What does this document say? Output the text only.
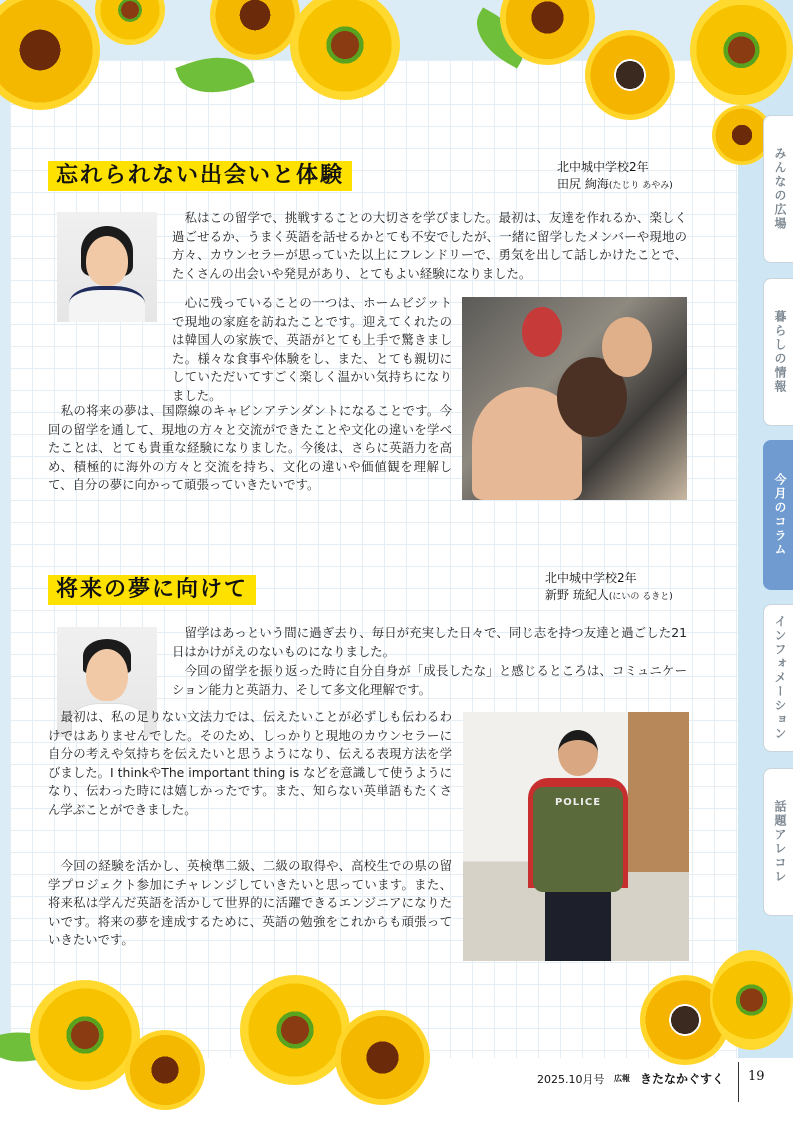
みんなの広場
暮らしの情報
今月のコラム
インフォメーション
話題アレコレ
忘れられない出会いと体験	北中城中学校2年
田尻 絢海(たじり あやみ)

　私はこの留学で、挑戦することの大切さを学びました。最初は、友達を作れるか、楽しく過ごせるか、うまく英語を話せるかとても不安でしたが、一緒に留学したメンバーや現地の方々、カウンセラーが思っていた以上にフレンドリーで、勇気を出して話しかけたことで、たくさんの出会いや発見があり、とてもよい経験になりました。

　心に残っていることの一つは、ホームビジットで現地の家庭を訪ねたことです。迎えてくれたのは韓国人の家族で、英語がとても上手で驚きました。様々な食事や体験をし、また、とても親切にしていただいてすごく楽しく温かい気持ちになりました。

　私の将来の夢は、国際線のキャビンアテンダントになることです。今回の留学を通して、現地の方々と交流ができたことや文化の違いを学べたことは、とても貴重な経験になりました。今後は、さらに英語力を高め、積極的に海外の方々と交流を持ち、文化の違いや価値観を理解して、自分の夢に向かって頑張っていきたいです。

将来の夢に向けて	北中城中学校2年
新野 琉紀人(にいの るきと)
POLICE

　留学はあっという間に過ぎ去り、毎日が充実した日々で、同じ志を持つ友達と過ごした21日はかけがえのないものになりました。

　今回の留学を振り返った時に自分自身が「成長したな」と感じるところは、コミュニケーション能力と英語力、そして多文化理解です。

　最初は、私の足りない文法力では、伝えたいことが必ずしも伝わるわけではありませんでした。そのため、しっかりと現地のカウンセラーに自分の考えや気持ちを伝えたいと思うようになり、伝える表現方法を学びました。I thinkやThe important thing is などを意識して使うようになり、伝わった時には嬉しかったです。また、知らない英単語もたくさん学ぶことができました。

　今回の経験を活かし、英検準二級、二級の取得や、高校生での県の留学プロジェクト参加にチャレンジしていきたいと思っています。また、将来私は学んだ英語を活かして世界的に活躍できるエンジニアになりたいです。将来の夢を達成するために、英語の勉強をこれからも頑張っていきたいです。

2025.10月号 広報 きたなかぐすく 19
